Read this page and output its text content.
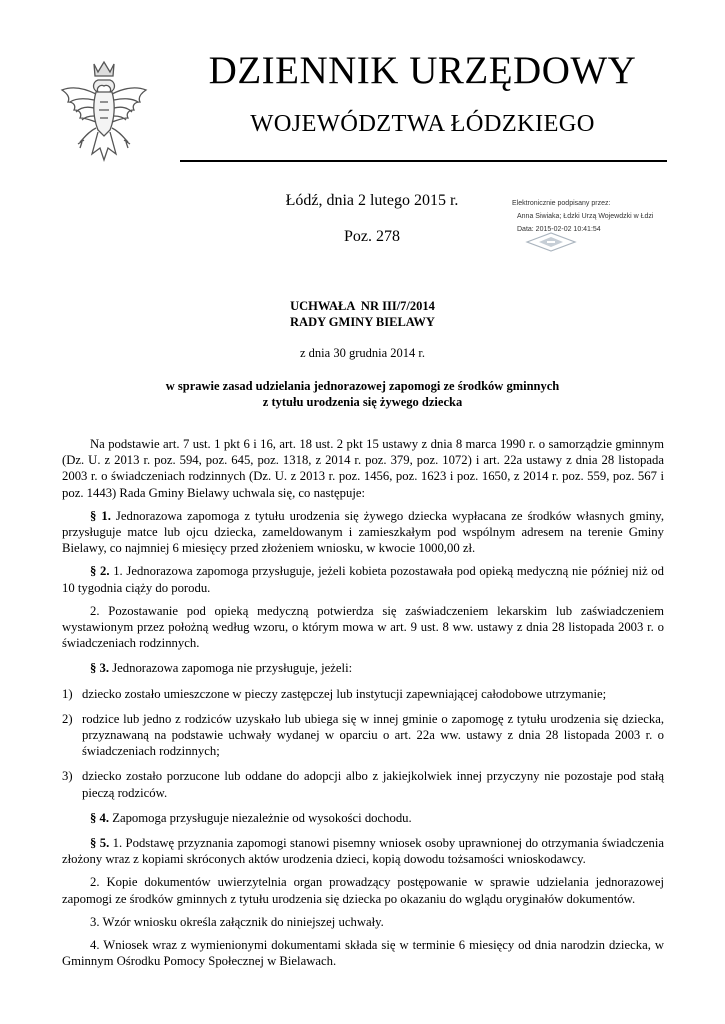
DZIENNIK URZĘDOWY
WOJEWÓDZTWA ŁÓDZKIEGO
Łódź, dnia 2 lutego 2015 r.
Poz. 278
Elektronicznie podpisany przez:

Anna Siwiaka; Łdzki Urzą Wojewdzki w Łdzi
Data: 2015-02-02 10:41:54
UCHWAŁA  NR III/7/2014
RADY GMINY BIELAWY
z dnia 30 grudnia 2014 r.
w sprawie zasad udzielania jednorazowej zapomogi ze środków gminnych
z tytułu urodzenia się żywego dziecka

Na podstawie art. 7 ust. 1 pkt 6 i 16, art. 18 ust. 2 pkt 15 ustawy z dnia 8 marca 1990 r. o samorządzie gminnym (Dz. U. z 2013 r. poz. 594, poz. 645, poz. 1318, z 2014 r. poz. 379, poz. 1072) i art. 22a ustawy z dnia 28 listopada 2003 r. o świadczeniach rodzinnych (Dz. U. z 2013 r. poz. 1456, poz. 1623 i poz. 1650, z 2014 r. poz. 559, poz. 567 i poz. 1443) Rada Gminy Bielawy uchwala się, co następuje:

§ 1. Jednorazowa zapomoga z tytułu urodzenia się żywego dziecka wypłacana ze środków własnych gminy, przysługuje matce lub ojcu dziecka, zameldowanym i zamieszkałym pod wspólnym adresem na terenie Gminy Bielawy, co najmniej 6 miesięcy przed złożeniem wniosku, w kwocie 1000,00 zł.

§ 2. 1. Jednorazowa zapomoga przysługuje, jeżeli kobieta pozostawała pod opieką medyczną nie później niż od 10 tygodnia ciąży do porodu.

2. Pozostawanie pod opieką medyczną potwierdza się zaświadczeniem lekarskim lub zaświadczeniem wystawionym przez położną według wzoru, o którym mowa w art. 9 ust. 8 ww. ustawy z dnia 28 listopada 2003 r. o świadczeniach rodzinnych.

§ 3. Jednorazowa zapomoga nie przysługuje, jeżeli:

1) dziecko zostało umieszczone w pieczy zastępczej lub instytucji zapewniającej całodobowe utrzymanie;
2) rodzice lub jedno z rodziców uzyskało lub ubiega się w innej gminie o zapomogę z tytułu urodzenia się dziecka, przyznawaną na podstawie uchwały wydanej w oparciu o art. 22a ww. ustawy z dnia 28 listopada 2003 r. o świadczeniach rodzinnych;
3) dziecko zostało porzucone lub oddane do adopcji albo z jakiejkolwiek innej przyczyny nie pozostaje pod stałą pieczą rodziców.

§ 4. Zapomoga przysługuje niezależnie od wysokości dochodu.

§ 5. 1. Podstawę przyznania zapomogi stanowi pisemny wniosek osoby uprawnionej do otrzymania świadczenia złożony wraz z kopiami skróconych aktów urodzenia dzieci, kopią dowodu tożsamości wnioskodawcy.

2. Kopie dokumentów uwierzytelnia organ prowadzący postępowanie w sprawie udzielania jednorazowej zapomogi ze środków gminnych z tytułu urodzenia się dziecka po okazaniu do wglądu oryginałów dokumentów.

3. Wzór wniosku określa załącznik do niniejszej uchwały.

4. Wniosek wraz z wymienionymi dokumentami składa się w terminie 6 miesięcy od dnia narodzin dziecka, w Gminnym Ośrodku Pomocy Społecznej w Bielawach.
